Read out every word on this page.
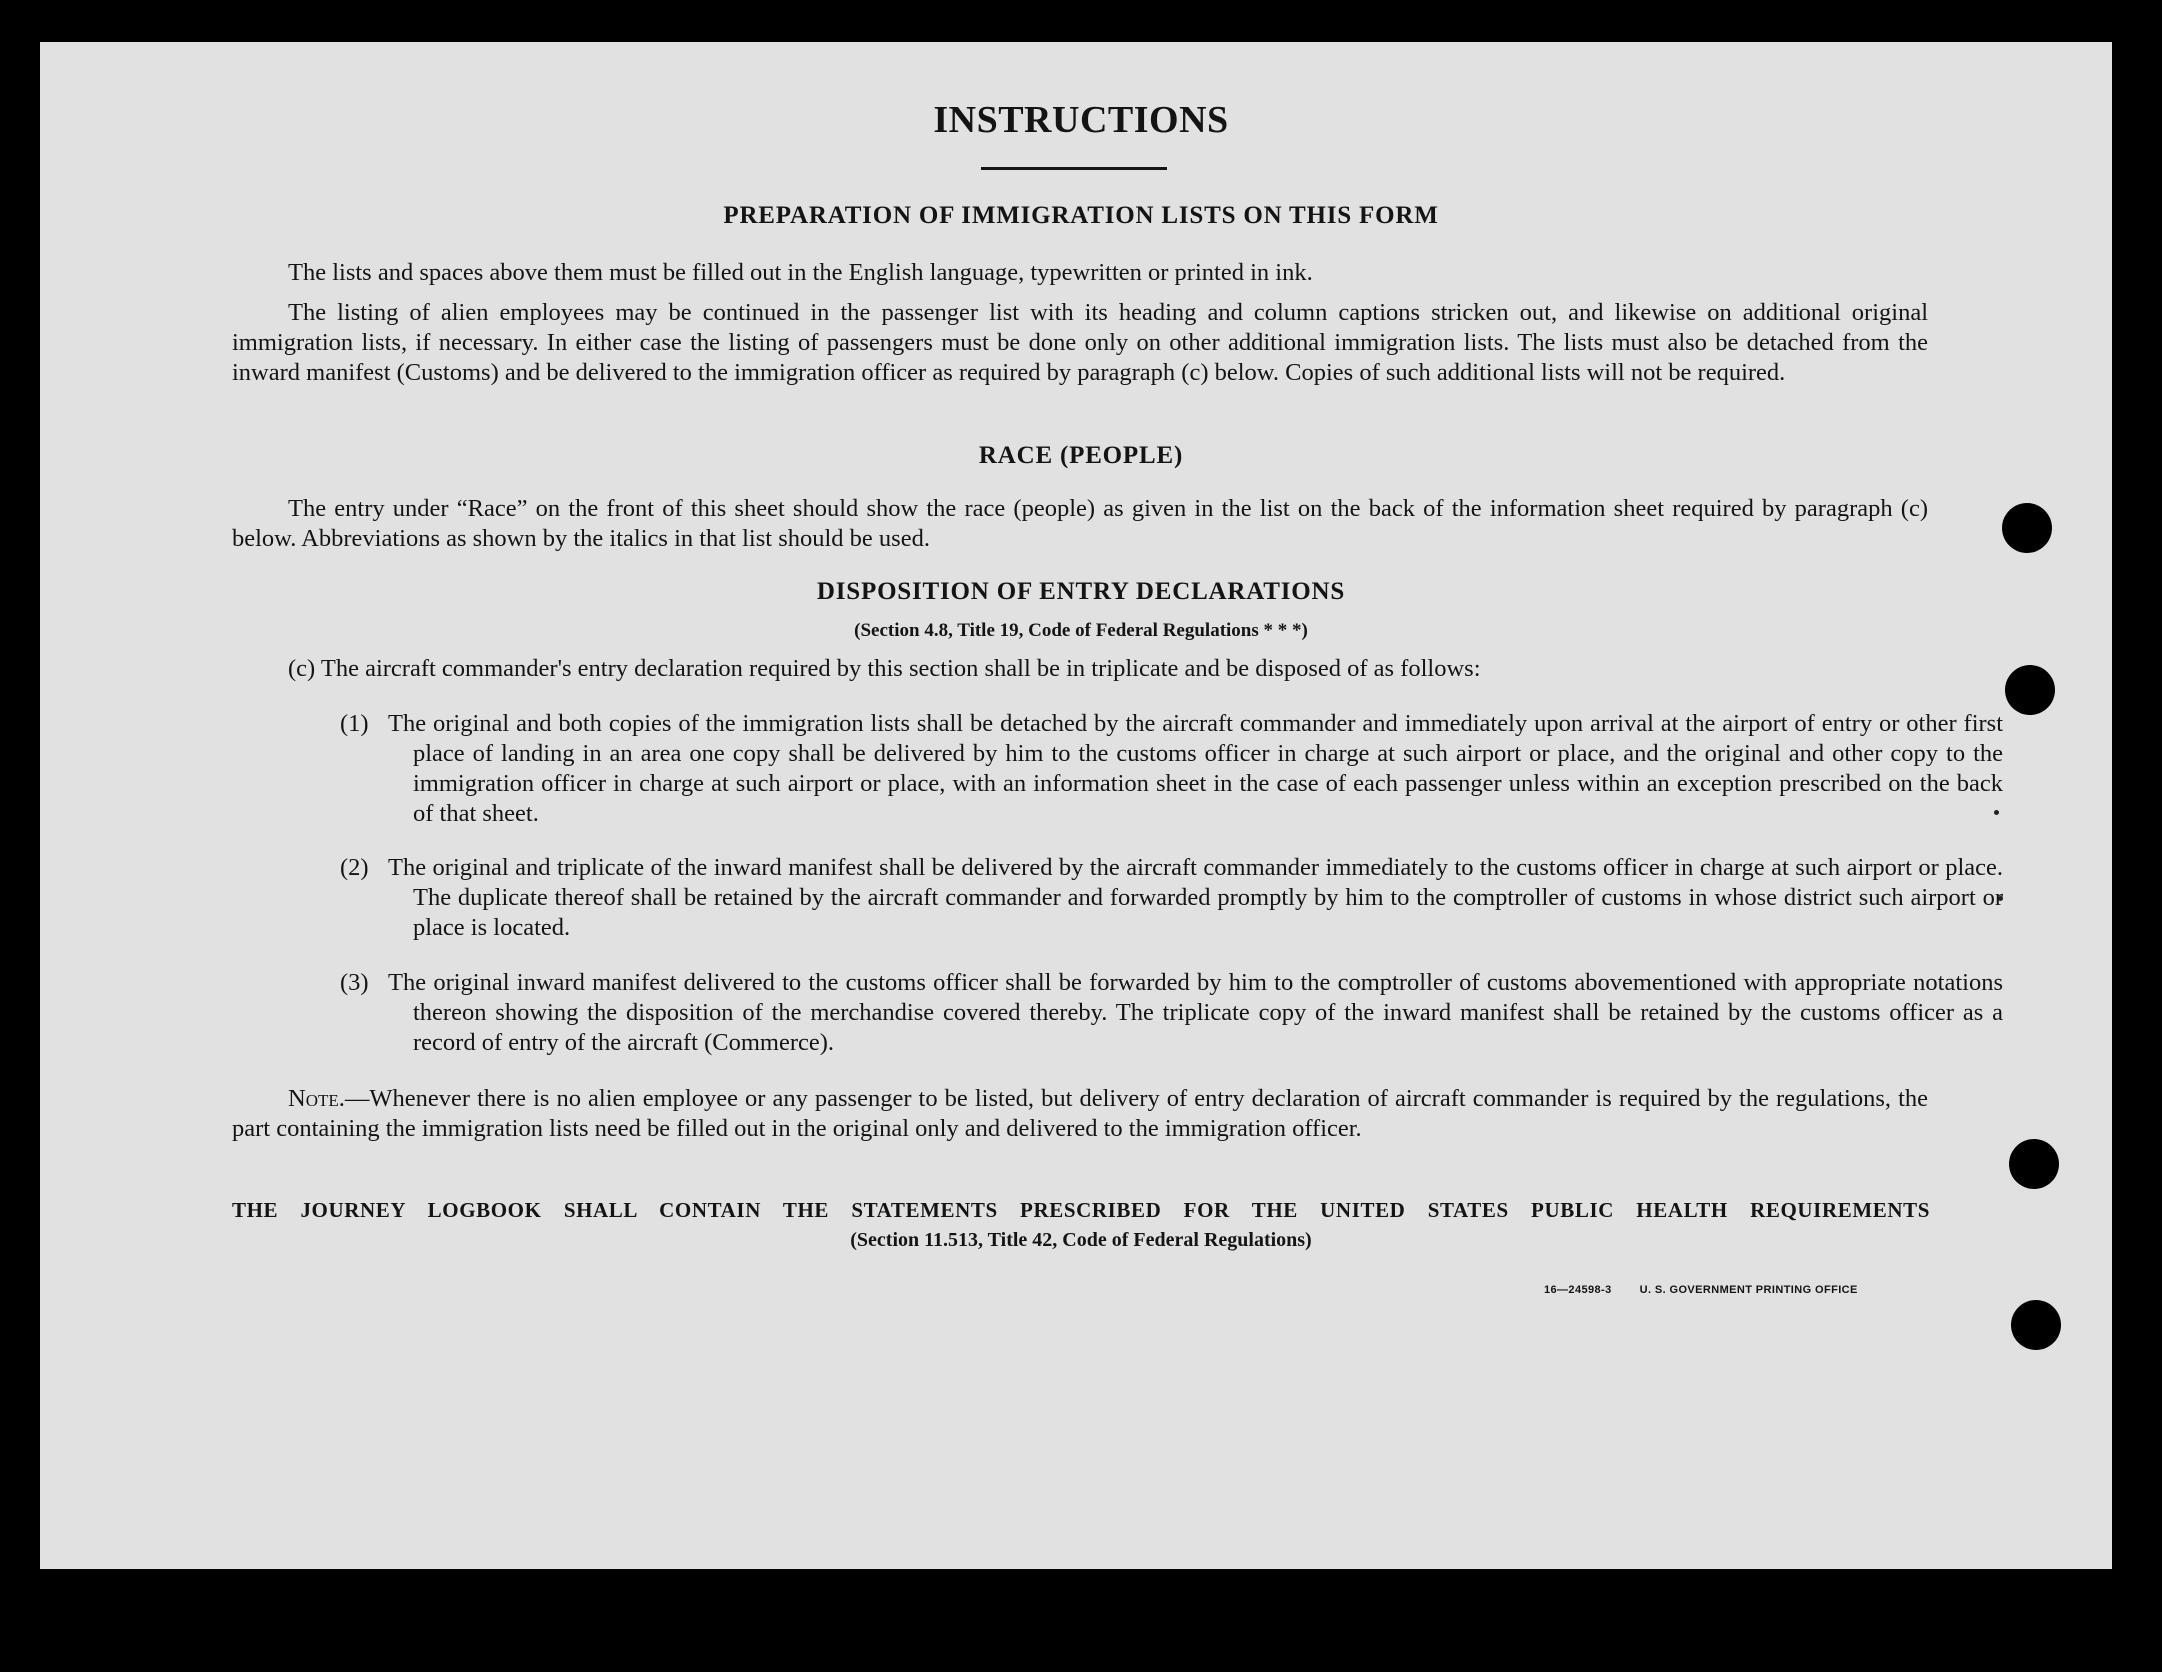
INSTRUCTIONS
PREPARATION OF IMMIGRATION LISTS ON THIS FORM

The lists and spaces above them must be filled out in the English language, typewritten or printed in ink.

The listing of alien employees may be continued in the passenger list with its heading and column captions stricken out, and likewise on additional original immigration lists, if necessary. In either case the listing of passengers must be done only on other additional immigration lists. The lists must also be detached from the inward manifest (Customs) and be delivered to the immigration officer as required by paragraph (c) below. Copies of such additional lists will not be required.

RACE (PEOPLE)

The entry under “Race” on the front of this sheet should show the race (people) as given in the list on the back of the information sheet required by paragraph (c) below. Abbreviations as shown by the italics in that list should be used.

DISPOSITION OF ENTRY DECLARATIONS

(Section 4.8, Title 19, Code of Federal Regulations * * *)

(c) The aircraft commander's entry declaration required by this section shall be in triplicate and be disposed of as follows:

(1) The original and both copies of the immigration lists shall be detached by the aircraft commander and immediately upon arrival at the airport of entry or other first place of landing in an area one copy shall be delivered by him to the customs officer in charge at such airport or place, and the original and other copy to the immigration officer in charge at such airport or place, with an information sheet in the case of each passenger unless within an exception prescribed on the back of that sheet.

(2) The original and triplicate of the inward manifest shall be delivered by the aircraft commander immediately to the customs officer in charge at such airport or place. The duplicate thereof shall be retained by the aircraft commander and forwarded promptly by him to the comptroller of customs in whose district such airport or place is located.

(3) The original inward manifest delivered to the customs officer shall be forwarded by him to the comptroller of customs abovementioned with appropriate notations thereon showing the disposition of the merchandise covered thereby. The triplicate copy of the inward manifest shall be retained by the customs officer as a record of entry of the aircraft (Commerce).

Note.—Whenever there is no alien employee or any passenger to be listed, but delivery of entry declaration of aircraft commander is required by the regulations, the part containing the immigration lists need be filled out in the original only and delivered to the immigration officer.

THE JOURNEY LOGBOOK SHALL CONTAIN THE STATEMENTS PRESCRIBED FOR THE UNITED STATES PUBLIC HEALTH REQUIREMENTS

(Section 11.513, Title 42, Code of Federal Regulations)

16—24598-3	U. S. GOVERNMENT PRINTING OFFICE
